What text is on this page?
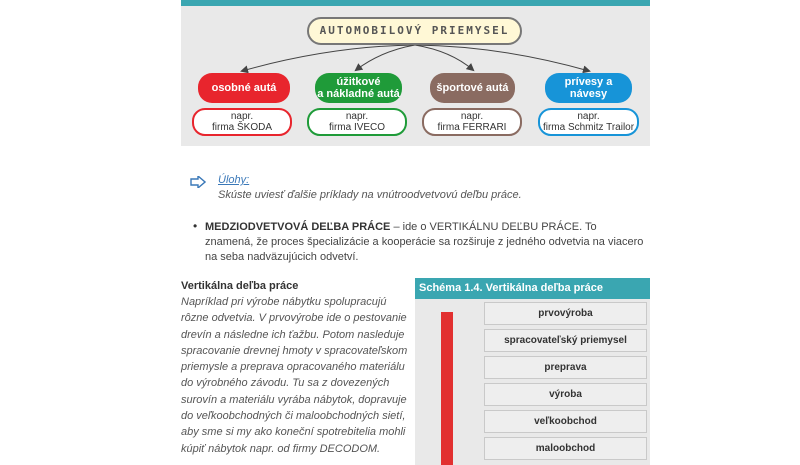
AUTOMOBILOVÝ PRIEMYSEL
osobné autá	úžitkové
a nákladné autá	športové autá	prívesy a návesy
napr.
firma ŠKODA
napr.
firma IVECO
napr.
firma FERRARI
napr.
firma Schmitz Trailor
Úlohy:
Skúste uviesť ďalšie príklady na vnútroodvetvovú deľbu práce.
• MEDZIODVETVOVÁ DEĽBA PRÁCE – ide o VERTIKÁLNU DEĽBU PRÁCE. To znamená, že proces špecializácie a kooperácie sa rozširuje z jedného odvetvia na viacero na seba nadväzujúcich odvetví.
Vertikálna deľba práce
Napríklad pri výrobe nábytku spolupracujú rôzne odvetvia. V prvovýrobe ide o pestovanie drevín a následne ich ťažbu. Potom nasleduje spracovanie drevnej hmoty v spracovateľskom priemysle a preprava opracovaného materiálu do výrobného závodu. Tu sa z dovezených surovín a materiálu vyrába nábytok, dopravuje do veľkoobchodných či maloobchodných sietí, aby sme si my ako koneční spotrebitelia mohli kúpiť nábytok napr. od firmy DECODOM.
Schéma 1.4. Vertikálna deľba práce
prvovýroba
spracovateľský priemysel
preprava
výroba
veľkoobchod
maloobchod
